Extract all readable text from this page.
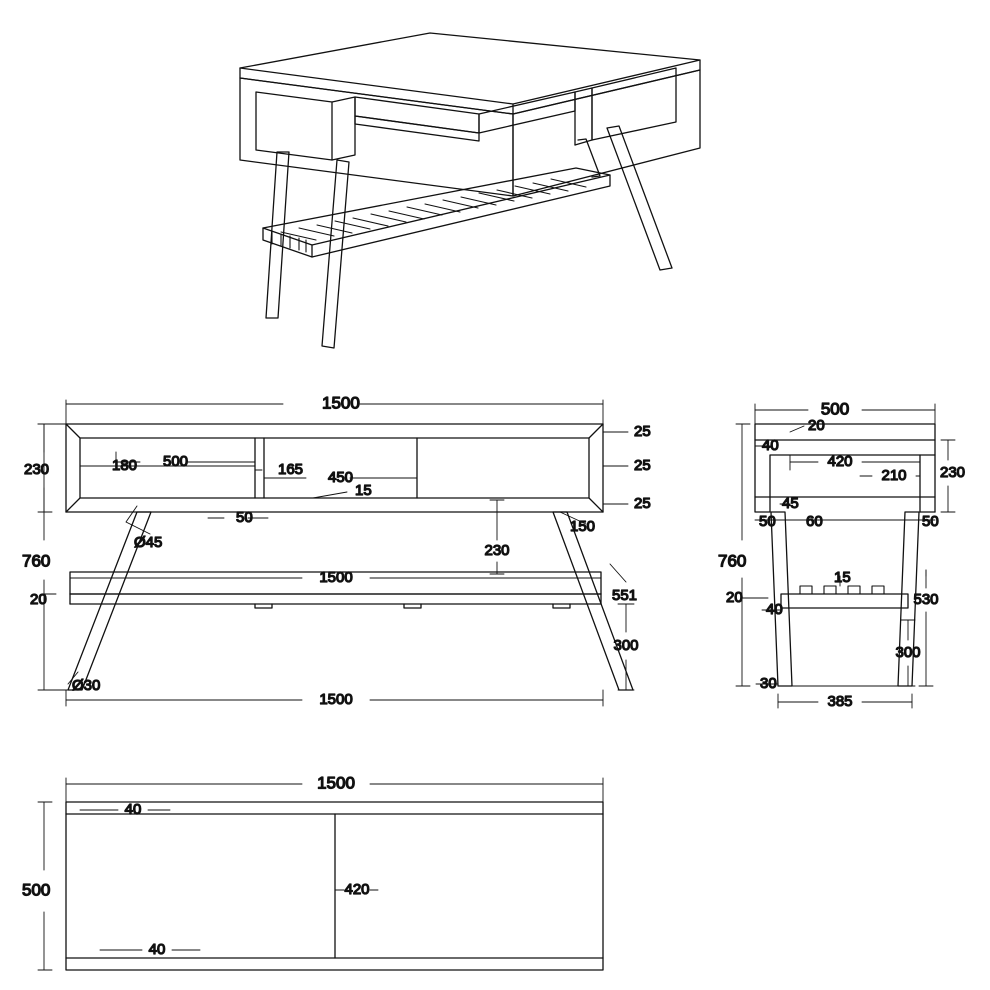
1500
760
230	500
180
450
165
25
25
25
15
50
150
Ø45
Ø30
230
1500
20	551
300
1500
500
20
40
420
210 230
760
45
50 60	50
15
20
40
530
300
30
385
1500
500
40
420
40
